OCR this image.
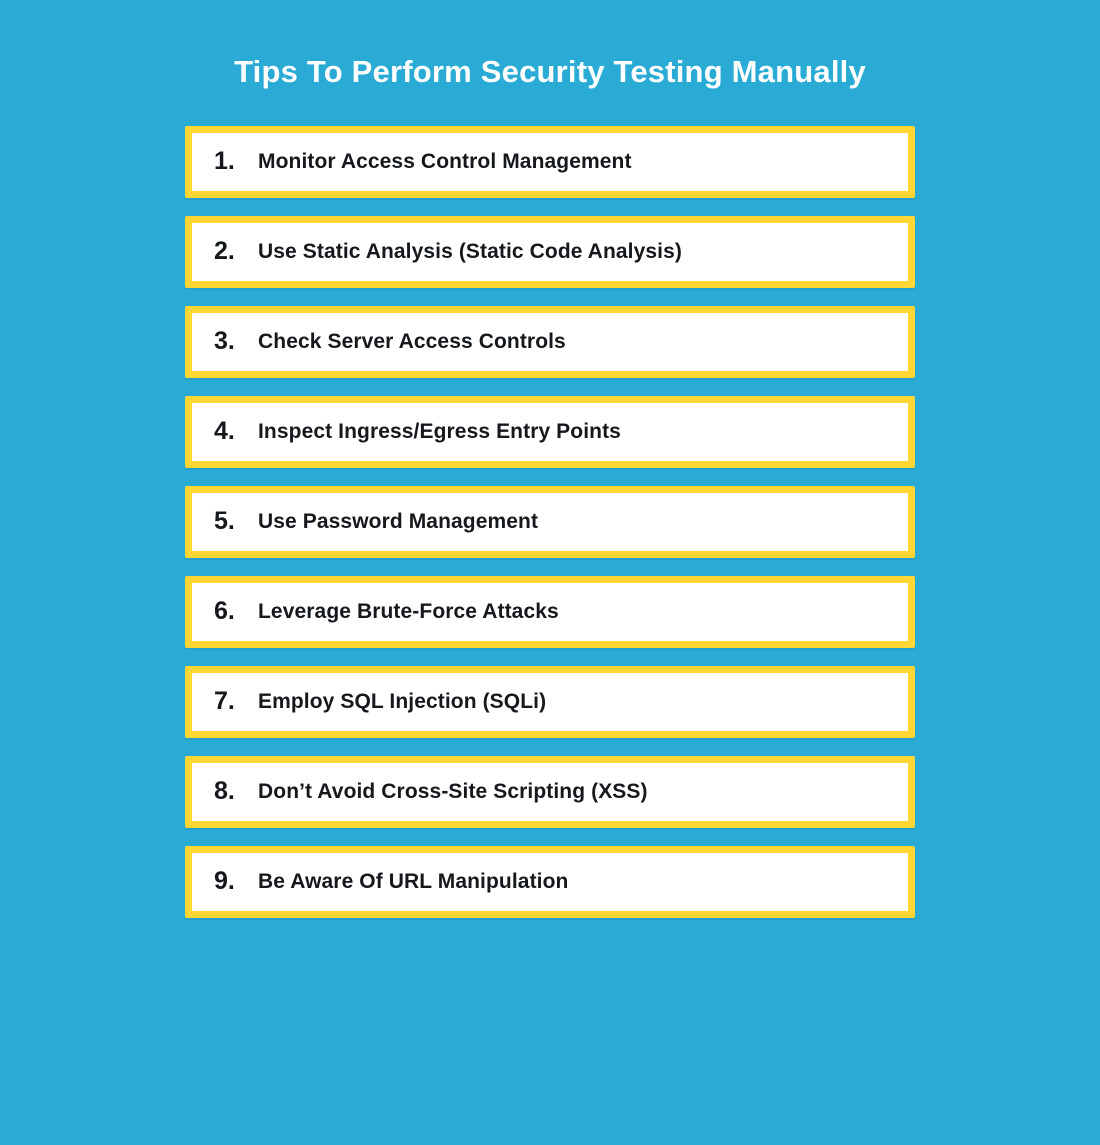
Tips To Perform Security Testing Manually
1.	Monitor Access Control Management
2.	Use Static Analysis (Static Code Analysis)
3.	Check Server Access Controls
4.	Inspect Ingress/Egress Entry Points
5.	Use Password Management
6.	Leverage Brute-Force Attacks
7.	Employ SQL Injection (SQLi)
8.	Don’t Avoid Cross-Site Scripting (XSS)
9.	Be Aware Of URL Manipulation
